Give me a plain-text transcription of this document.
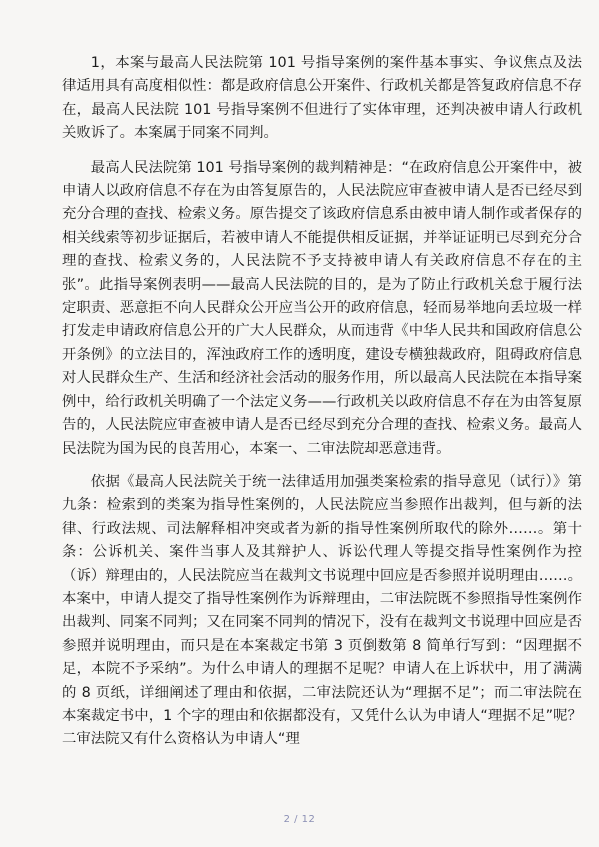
1，本案与最高人民法院第 101 号指导案例的案件基本事实、争议焦点及法律适用具有高度相似性：都是政府信息公开案件、行政机关都是答复政府信息不存在，最高人民法院 101 号指导案例不但进行了实体审理，还判决被申请人行政机关败诉了。本案属于同案不同判。

最高人民法院第 101 号指导案例的裁判精神是：“在政府信息公开案件中，被申请人以政府信息不存在为由答复原告的，人民法院应审查被申请人是否已经尽到充分合理的查找、检索义务。原告提交了该政府信息系由被申请人制作或者保存的相关线索等初步证据后，若被申请人不能提供相反证据，并举证证明已尽到充分合理的查找、检索义务的，人民法院不予支持被申请人有关政府信息不存在的主张”。此指导案例表明——最高人民法院的目的，是为了防止行政机关怠于履行法定职责、恶意拒不向人民群众公开应当公开的政府信息，轻而易举地向丢垃圾一样打发走申请政府信息公开的广大人民群众，从而违背《中华人民共和国政府信息公开条例》的立法目的，浑浊政府工作的透明度，建设专横独裁政府，阻碍政府信息对人民群众生产、生活和经济社会活动的服务作用，所以最高人民法院在本指导案例中，给行政机关明确了一个法定义务——行政机关以政府信息不存在为由答复原告的，人民法院应审查被申请人是否已经尽到充分合理的查找、检索义务。最高人民法院为国为民的良苦用心，本案一、二审法院却恶意违背。

依据《最高人民法院关于统一法律适用加强类案检索的指导意见（试行）》第九条：检索到的类案为指导性案例的，人民法院应当参照作出裁判，但与新的法律、行政法规、司法解释相冲突或者为新的指导性案例所取代的除外……。第十条：公诉机关、案件当事人及其辩护人、诉讼代理人等提交指导性案例作为控（诉）辩理由的，人民法院应当在裁判文书说理中回应是否参照并说明理由……。本案中，申请人提交了指导性案例作为诉辩理由，二审法院既不参照指导性案例作出裁判、同案不同判；又在同案不同判的情况下，没有在裁判文书说理中回应是否参照并说明理由，而只是在本案裁定书第 3 页倒数第 8 简单行写到：“因理据不足，本院不予采纳”。为什么申请人的理据不足呢？申请人在上诉状中，用了满满的 8 页纸，详细阐述了理由和依据，二审法院还认为“理据不足”；而二审法院在本案裁定书中，1 个字的理由和依据都没有，又凭什么认为申请人“理据不足”呢？二审法院又有什么资格认为申请人“理

2 / 12
